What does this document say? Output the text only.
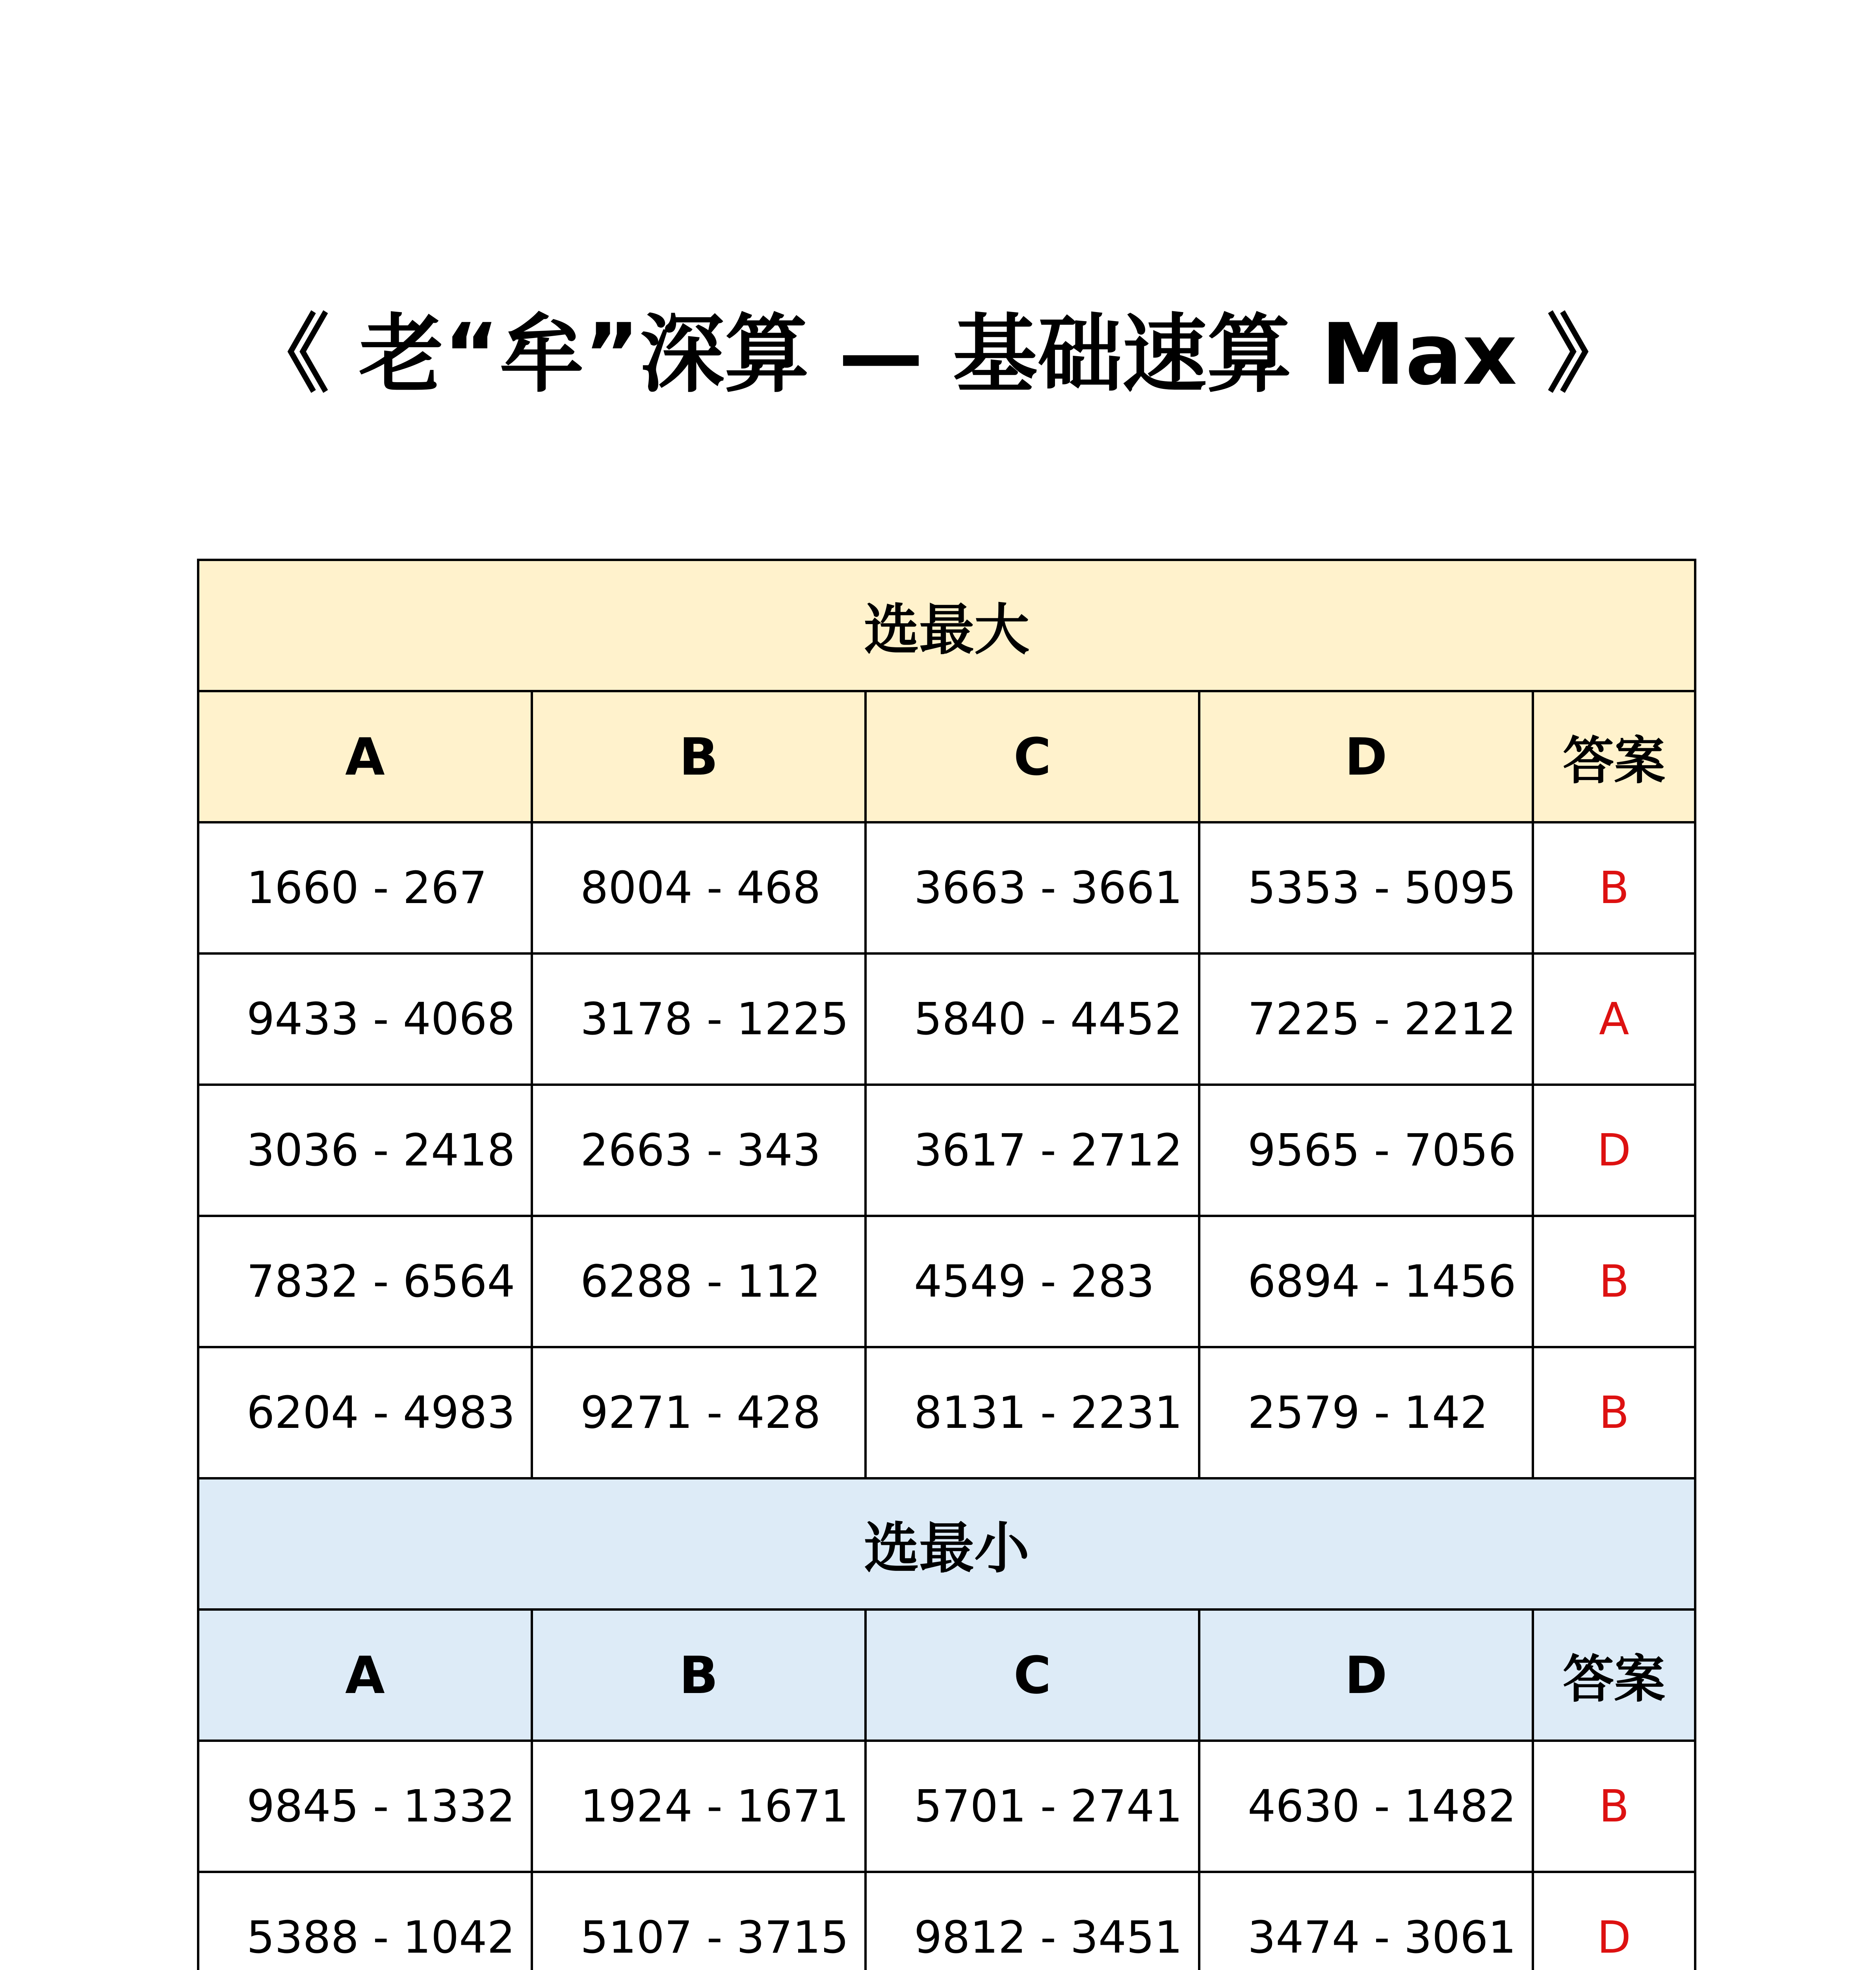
《 老“牟”深算 — 基础速算 Max 》
选最大				
A	B	C	D	答案
1660 - 267	8004 - 468	3663 - 3661	5353 - 5095	B
9433 - 4068	3178 - 1225	5840 - 4452	7225 - 2212	A
3036 - 2418	2663 - 343	3617 - 2712	9565 - 7056	D
7832 - 6564	6288 - 112	4549 - 283	6894 - 1456	B
6204 - 4983	9271 - 428	8131 - 2231	2579 - 142	B
选最小				
A	B	C	D	答案
9845 - 1332	1924 - 1671	5701 - 2741	4630 - 1482	B
5388 - 1042	5107 - 3715	9812 - 3451	3474 - 3061	D
